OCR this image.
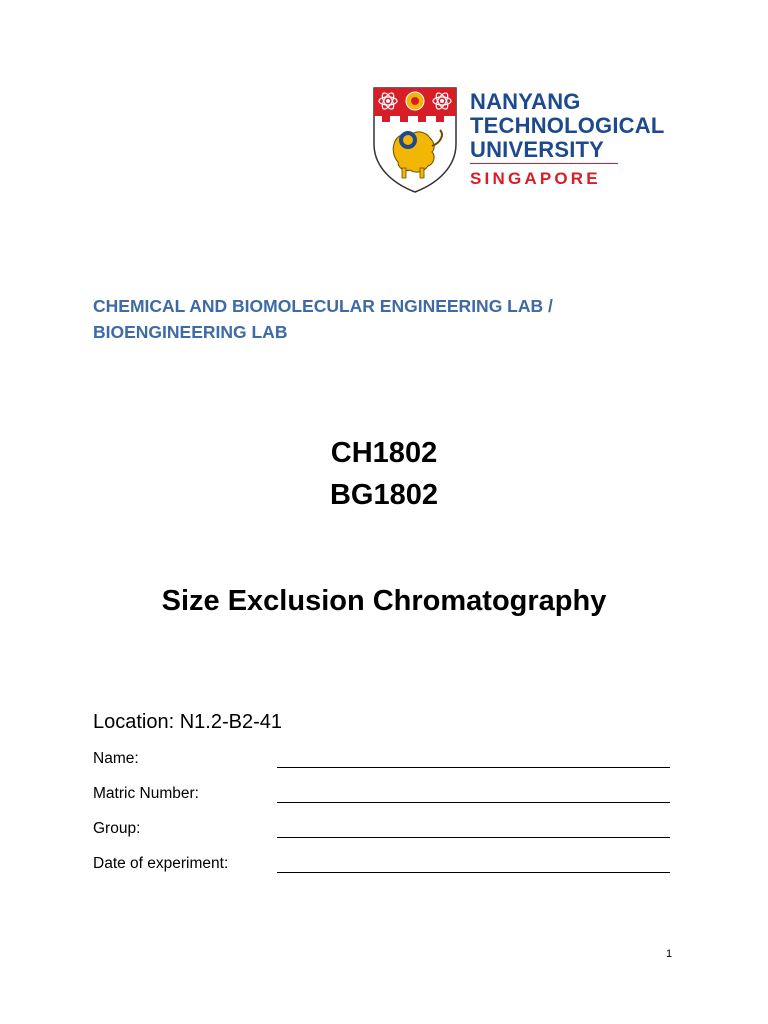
NANYANG
TECHNOLOGICAL
UNIVERSITY
SINGAPORE
CHEMICAL AND BIOMOLECULAR ENGINEERING LAB /
BIOENGINEERING LAB
CH1802
BG1802
Size Exclusion Chromatography
Location: N1.2-B2-41
Name:
Matric Number:
Group:
Date of experiment:
1
